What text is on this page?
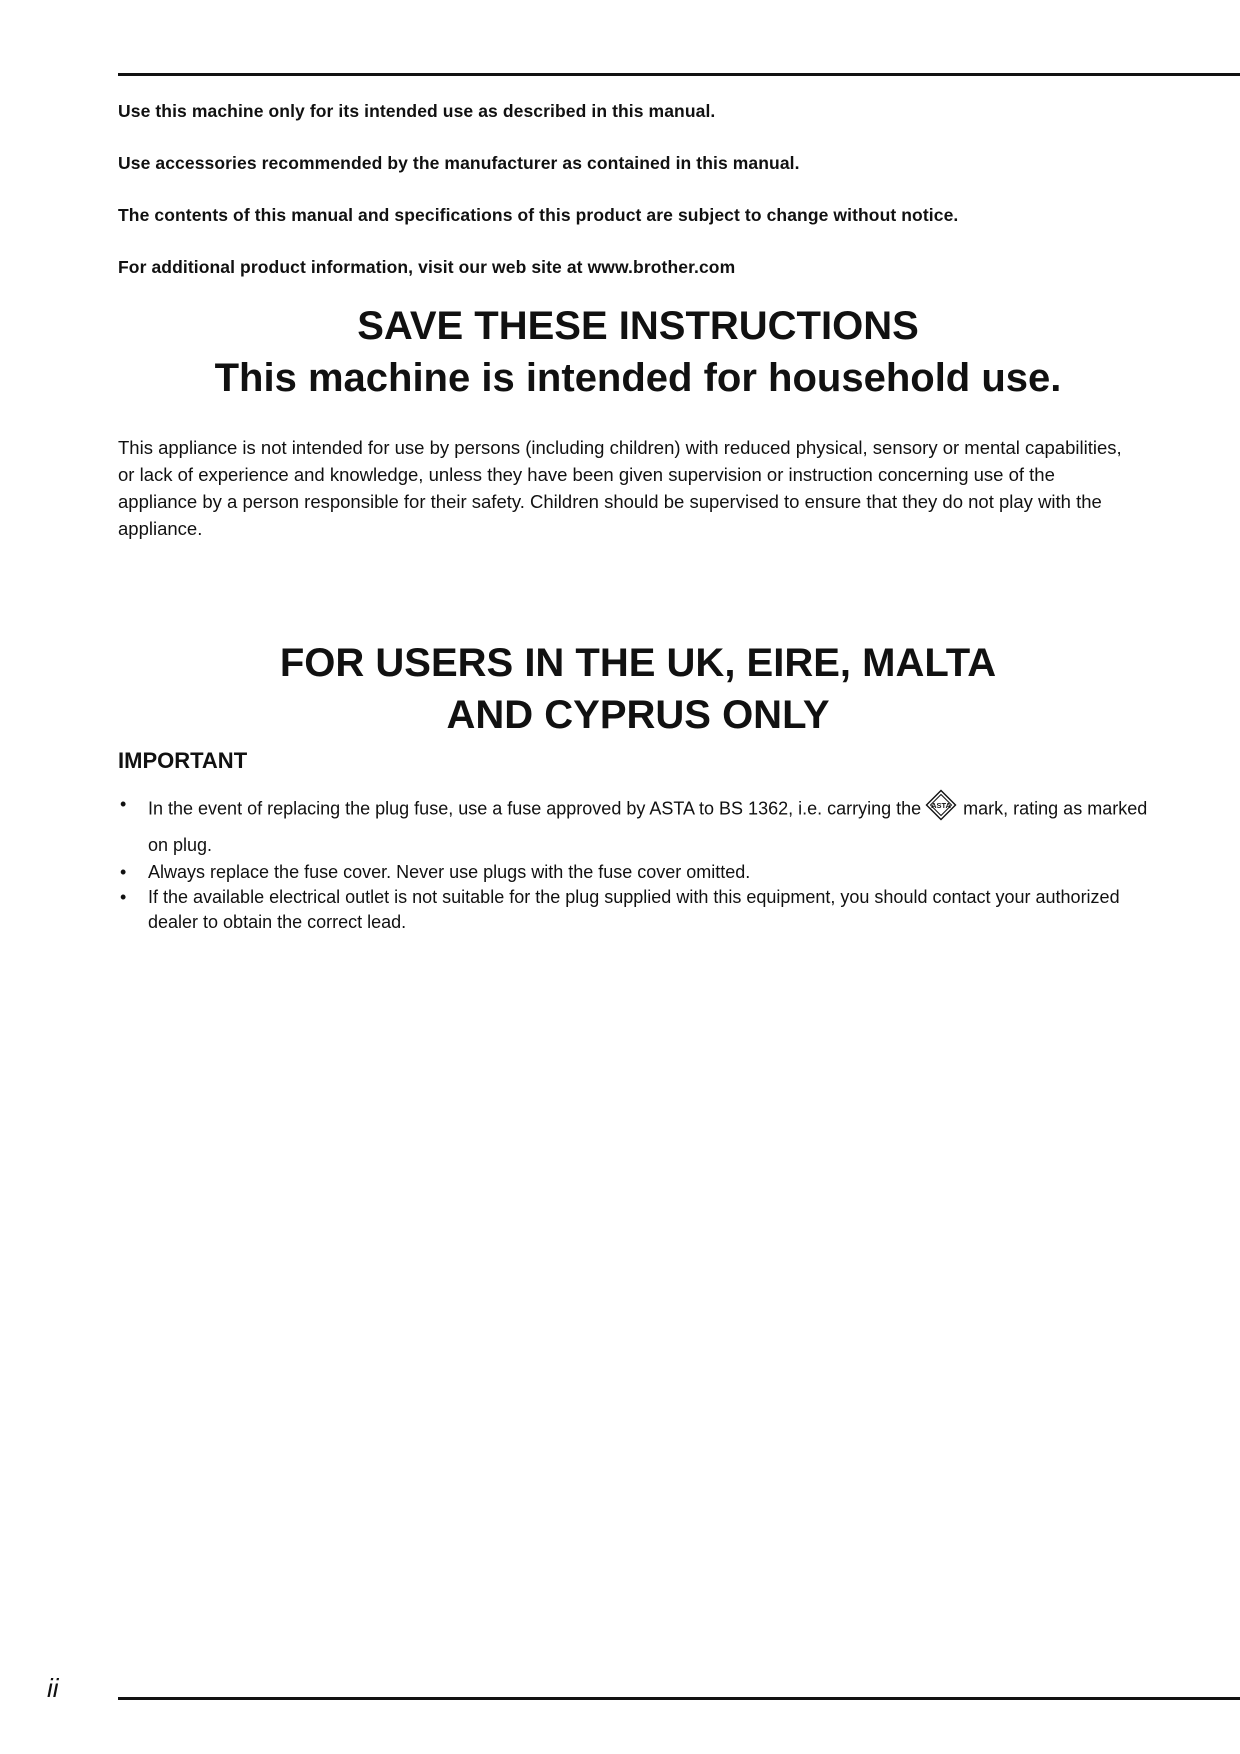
Use this machine only for its intended use as described in this manual.

Use accessories recommended by the manufacturer as contained in this manual.

The contents of this manual and specifications of this product are subject to change without notice.

For additional product information, visit our web site at www.brother.com

SAVE THESE INSTRUCTIONS
This machine is intended for household use.

This appliance is not intended for use by persons (including children) with reduced physical, sensory or mental capabilities, or lack of experience and knowledge, unless they have been given supervision or instruction concerning use of the appliance by a person responsible for their safety. Children should be supervised to ensure that they do not play with the appliance.

FOR USERS IN THE UK, EIRE, MALTA
AND CYPRUS ONLY
IMPORTANT
• In the event of replacing the plug fuse, use a fuse approved by ASTA to BS 1362, i.e. carrying the ASTA mark, rating as marked on plug.
• Always replace the fuse cover. Never use plugs with the fuse cover omitted.
• If the available electrical outlet is not suitable for the plug supplied with this equipment, you should contact your authorized dealer to obtain the correct lead.
ii
